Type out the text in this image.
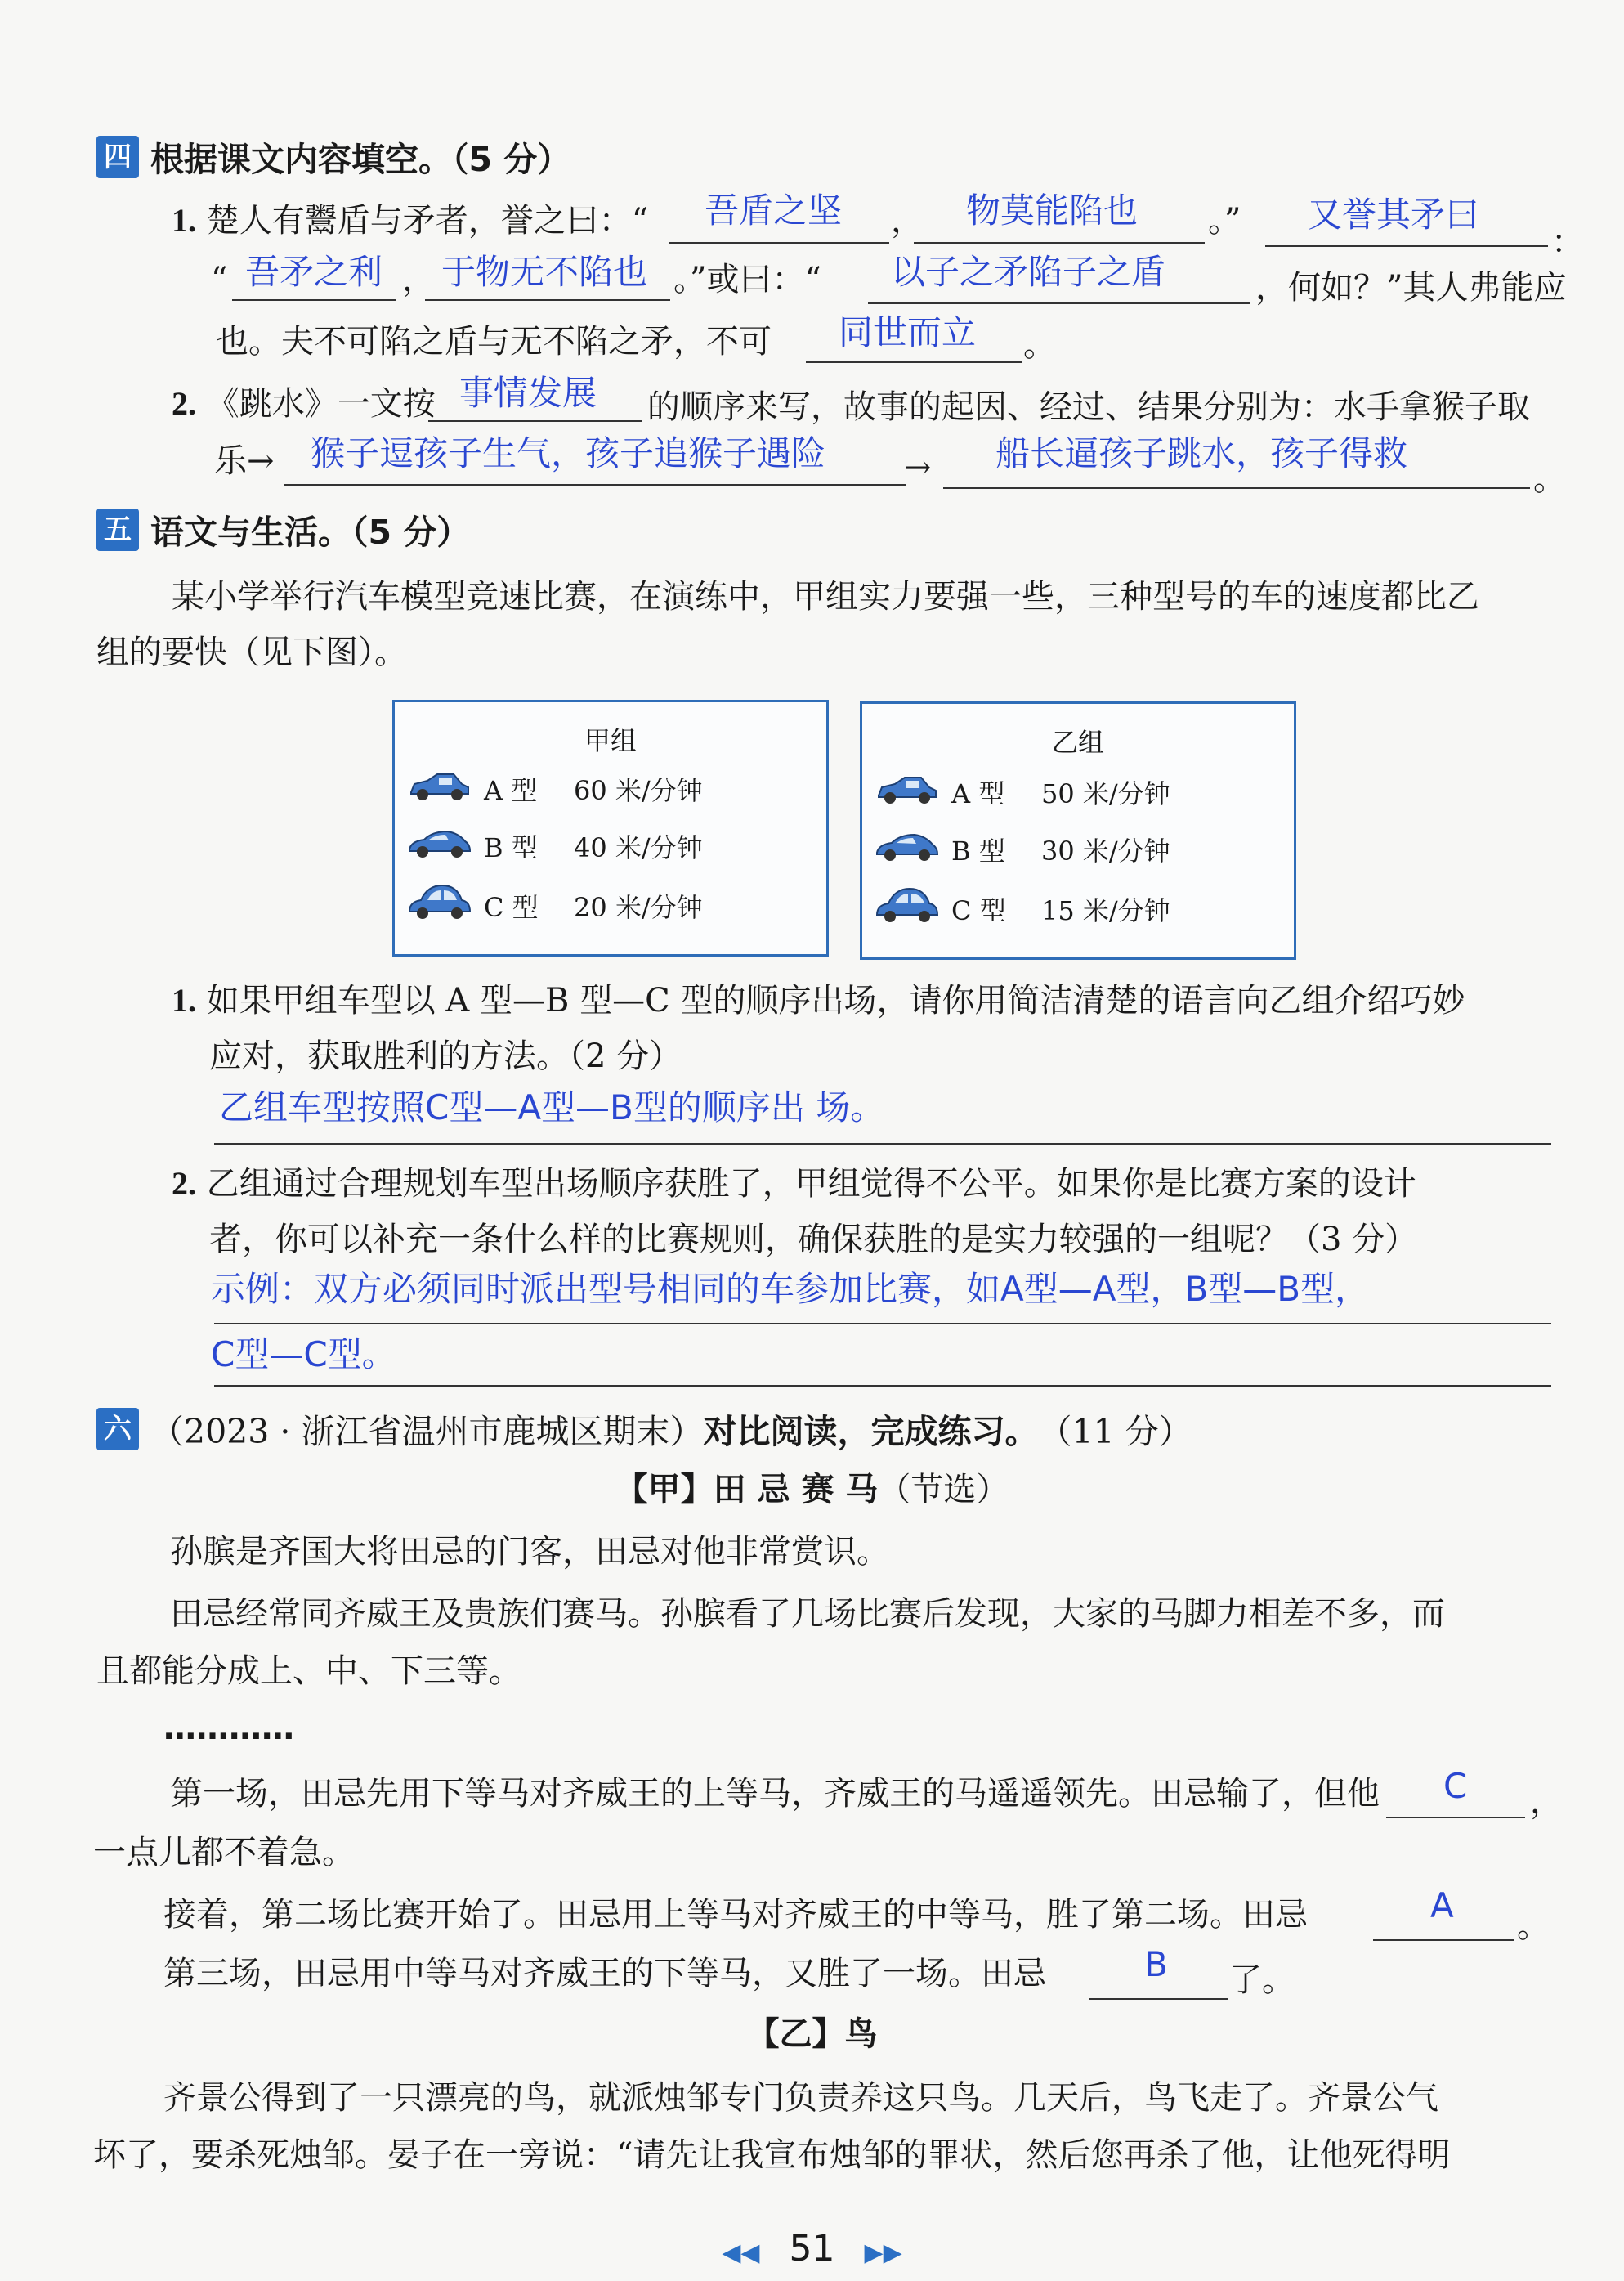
四 根据课文内容填空。（5 分）
1. 楚人有鬻盾与矛者，誉之曰：“ 吾盾之坚 ， 物莫能陷也 。” 又誉其矛曰
：
“ 吾矛之利 ， 于物无不陷也 。”或曰：“ 以子之矛陷子之盾	，何如？”其人弗能应
也。夫不可陷之盾与无不陷之矛，不可 同世而立 。
2. 《跳水》一文按 事情发展 的顺序来写，故事的起因、经过、结果分别为：水手拿猴子取
乐→ 猴子逗孩子生气，孩子追猴子遇险 → 船长逼孩子跳水，孩子得救
。
五 语文与生活。（5 分）
某小学举行汽车模型竞速比赛，在演练中，甲组实力要强一些，三种型号的车的速度都比乙
组的要快（见下图）。
甲组
A 型	60 米/分钟
B 型	40 米/分钟
C 型	20 米/分钟
乙组
A 型	50 米/分钟
B 型	30 米/分钟
C 型	15 米/分钟
1. 如果甲组车型以 A 型—B 型—C 型的顺序出场，请你用简洁清楚的语言向乙组介绍巧妙
应对，获取胜利的方法。（2 分）
乙组车型按照C型—A型—B型的顺序出 场。
2. 乙组通过合理规划车型出场顺序获胜了，甲组觉得不公平。如果你是比赛方案的设计
者，你可以补充一条什么样的比赛规则，确保获胜的是实力较强的一组呢？（3 分）
示例：双方必须同时派出型号相同的车参加比赛，如A型—A型，B型—B型，
C型—C型。
六 （2023 · 浙江省温州市鹿城区期末） 对比阅读，完成练习。 （11 分）
【甲】田 忌 赛 马（节选）
孙膑是齐国大将田忌的门客，田忌对他非常赏识。
田忌经常同齐威王及贵族们赛马。孙膑看了几场比赛后发现，大家的马脚力相差不多，而
且都能分成上、中、下三等。
…………
第一场，田忌先用下等马对齐威王的上等马，齐威王的马遥遥领先。田忌输了，但他 C ，
一点儿都不着急。
接着，第二场比赛开始了。田忌用上等马对齐威王的中等马，胜了第二场。田忌	A
。
第三场，田忌用中等马对齐威王的下等马，又胜了一场。田忌	B 了。
【乙】鸟
齐景公得到了一只漂亮的鸟，就派烛邹专门负责养这只鸟。几天后，鸟飞走了。齐景公气
坏了，要杀死烛邹。晏子在一旁说：“请先让我宣布烛邹的罪状，然后您再杀了他，让他死得明
◀◀ 51 ▶▶
